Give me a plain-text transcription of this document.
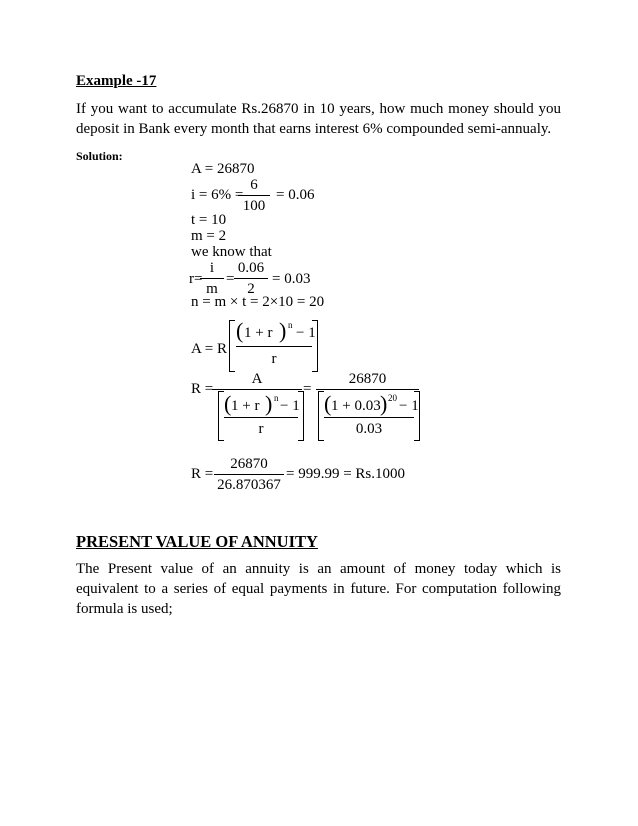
Example -17
If you want to accumulate Rs.26870 in 10 years, how much money should you deposit in Bank every month that earns interest 6% compounded semi-annualy.
Solution:
A = 26870
i = 6% =
6
100
= 0.06
t = 10
m = 2
we know that
r=
i
m
=
0.06
2
= 0.03
n = m × t = 2×10 = 20
A = R
( 1 + r ) n − 1
r
R =
A
( 1 + r ) n − 1
r
=
26870
( 1 + 0.03 ) 20 − 1
0.03
R =
26870
26.870367
= 999.99 = Rs.1000
PRESENT VALUE OF ANNUITY
The Present value of an annuity is an amount of money today which is equivalent to a series of equal payments in future. For computation following formula is used;
